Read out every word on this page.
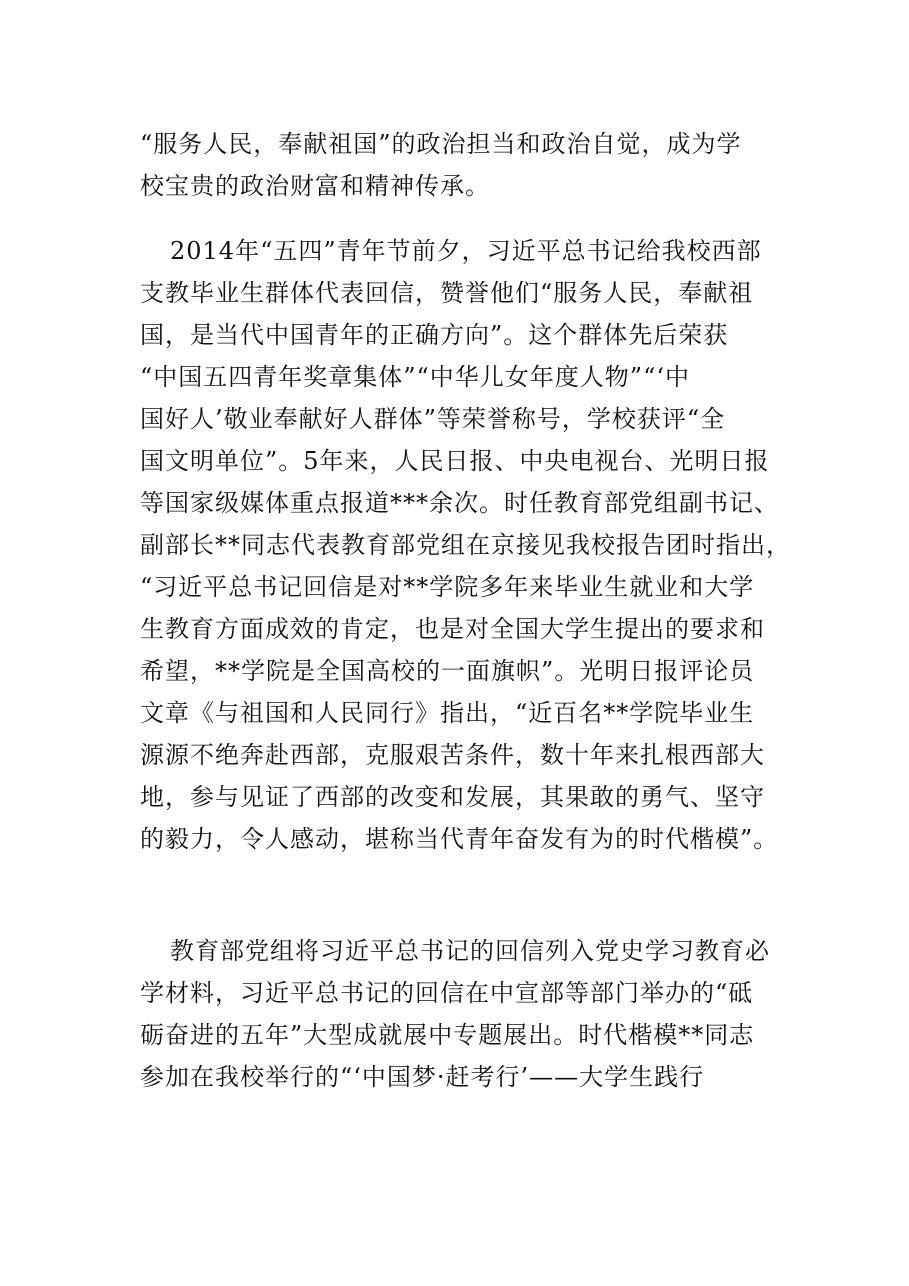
“服务人民，奉献祖国”的政治担当和政治自觉，成为学
校宝贵的政治财富和精神传承。
2014年“五四”青年节前夕，习近平总书记给我校西部
支教毕业生群体代表回信，赞誉他们“服务人民，奉献祖
国，是当代中国青年的正确方向”。这个群体先后荣获
“中国五四青年奖章集体”“中华儿女年度人物”“‘中
国好人’敬业奉献好人群体”等荣誉称号，学校获评“全
国文明单位”。5年来，人民日报、中央电视台、光明日报
等国家级媒体重点报道***余次。时任教育部党组副书记、
副部长**同志代表教育部党组在京接见我校报告团时指出，
“习近平总书记回信是对**学院多年来毕业生就业和大学
生教育方面成效的肯定，也是对全国大学生提出的要求和
希望，**学院是全国高校的一面旗帜”。光明日报评论员
文章《与祖国和人民同行》指出，“近百名**学院毕业生
源源不绝奔赴西部，克服艰苦条件，数十年来扎根西部大
地，参与见证了西部的改变和发展，其果敢的勇气、坚守
的毅力，令人感动，堪称当代青年奋发有为的时代楷模”。
教育部党组将习近平总书记的回信列入党史学习教育必
学材料，习近平总书记的回信在中宣部等部门举办的“砥
砺奋进的五年”大型成就展中专题展出。时代楷模**同志
参加在我校举行的“‘中国梦·赶考行’——大学生践行
